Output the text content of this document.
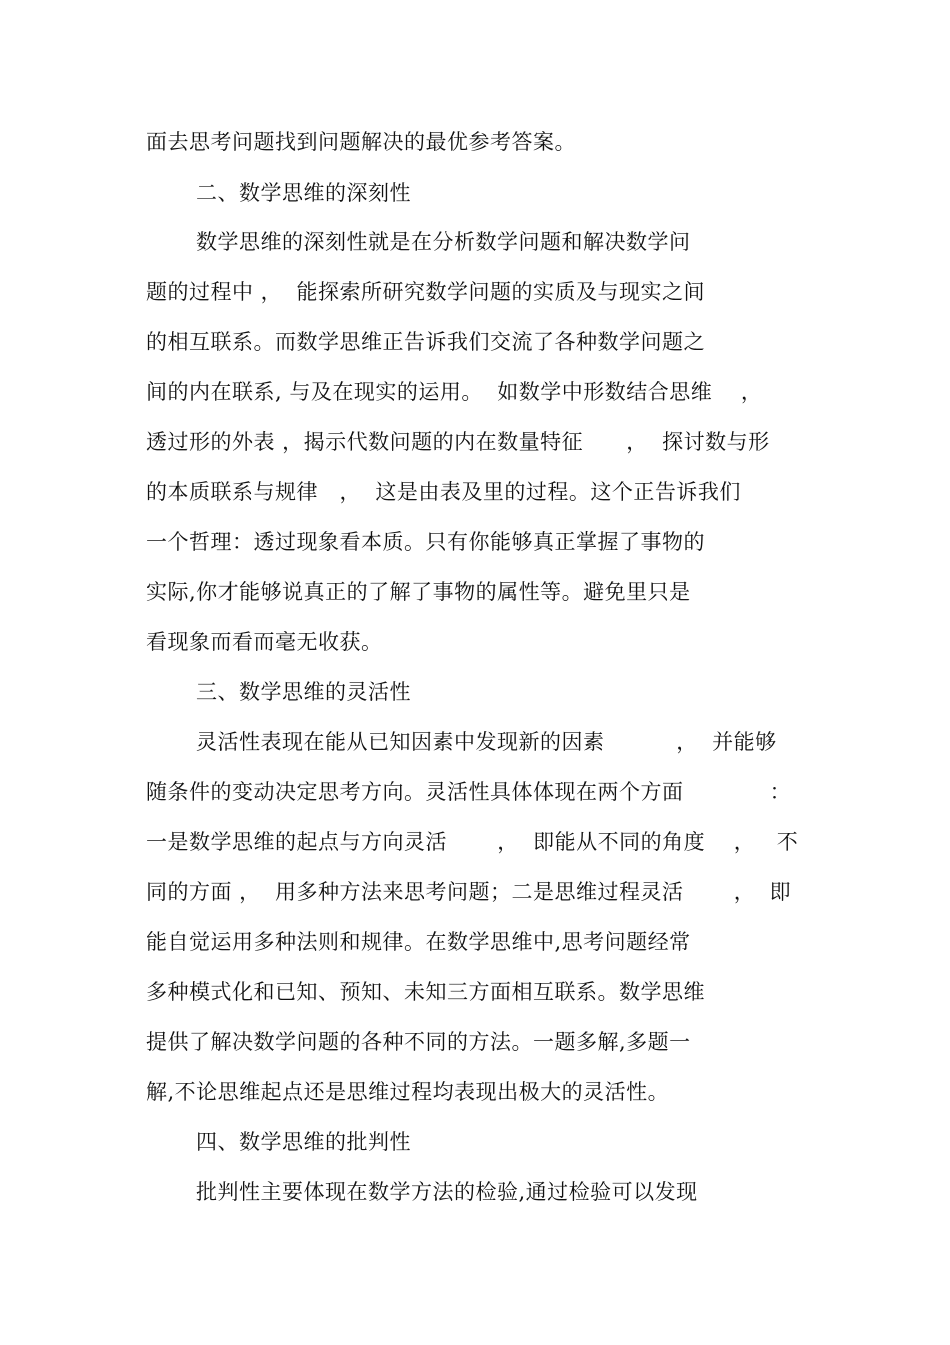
面去思考问题找到问题解决的最优参考答案。
二、数学思维的深刻性
数学思维的深刻性就是在分析数学问题和解决数学问
题的过程中 ，  能探索所研究数学问题的实质及与现实之间
的相互联系。而数学思维正告诉我们交流了各种数学问题之
间的内在联系, 与及在现实的运用。  如数学中形数结合思维    ，
透过形的外表 ，揭示代数问题的内在数量特征      ，  探讨数与形
的本质联系与规律   ，  这是由表及里的过程。这个正告诉我们
一个哲理：透过现象看本质。只有你能够真正掌握了事物的
实际,你才能够说真正的了解了事物的属性等。避免里只是
看现象而看而毫无收获。
三、数学思维的灵活性
灵活性表现在能从已知因素中发现新的因素          ，  并能够
随条件的变动决定思考方向。灵活性具体体现在两个方面            ：
一是数学思维的起点与方向灵活       ，  即能从不同的角度    ，   不
同的方面 ，  用多种方法来思考问题；二是思维过程灵活       ，  即
能自觉运用多种法则和规律。在数学思维中,思考问题经常
多种模式化和已知、预知、未知三方面相互联系。数学思维
提供了解决数学问题的各种不同的方法。一题多解,多题一
解,不论思维起点还是思维过程均表现出极大的灵活性。
四、数学思维的批判性
批判性主要体现在数学方法的检验,通过检验可以发现
